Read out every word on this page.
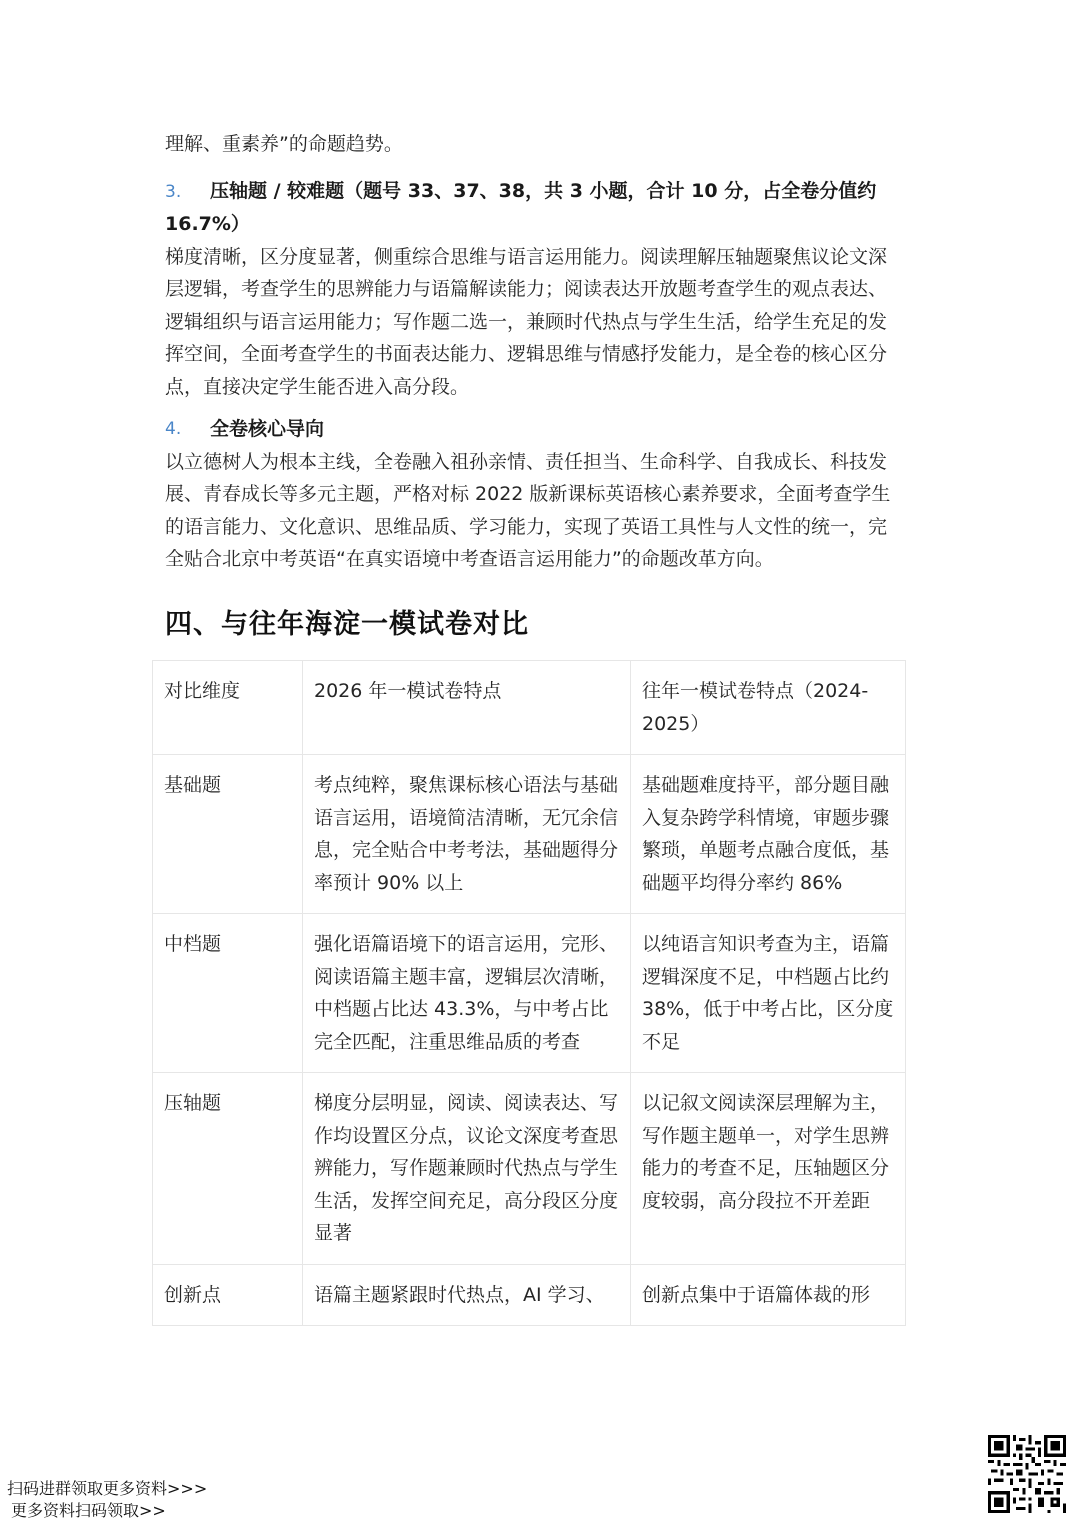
理解、重素养”的命题趋势。

3. 压轴题 / 较难题（题号 33、37、38，共 3 小题，合计 10 分，占全卷分值约 16.7%）

梯度清晰，区分度显著，侧重综合思维与语言运用能力。阅读理解压轴题聚焦议论文深层逻辑，考查学生的思辨能力与语篇解读能力；阅读表达开放题考查学生的观点表达、逻辑组织与语言运用能力；写作题二选一，兼顾时代热点与学生生活，给学生充足的发挥空间，全面考查学生的书面表达能力、逻辑思维与情感抒发能力，是全卷的核心区分点，直接决定学生能否进入高分段。

4.	全卷核心导向

以立德树人为根本主线，全卷融入祖孙亲情、责任担当、生命科学、自我成长、科技发展、青春成长等多元主题，严格对标 2022 版新课标英语核心素养要求，全面考查学生的语言能力、文化意识、思维品质、学习能力，实现了英语工具性与人文性的统一，完全贴合北京中考英语“在真实语境中考查语言运用能力”的命题改革方向。

四、与往年海淀一模试卷对比
对比维度	2026 年一模试卷特点	往年一模试卷特点（2024-2025）
基础题	考点纯粹，聚焦课标核心语法与基础语言运用，语境简洁清晰，无冗余信息，完全贴合中考考法，基础题得分率预计 90% 以上	基础题难度持平，部分题目融入复杂跨学科情境，审题步骤繁琐，单题考点融合度低，基础题平均得分率约 86%
中档题	强化语篇语境下的语言运用，完形、阅读语篇主题丰富，逻辑层次清晰，中档题占比达 43.3%，与中考占比完全匹配，注重思维品质的考查	以纯语言知识考查为主，语篇逻辑深度不足，中档题占比约 38%，低于中考占比，区分度不足
压轴题	梯度分层明显，阅读、阅读表达、写作均设置区分点，议论文深度考查思辨能力，写作题兼顾时代热点与学生生活，发挥空间充足，高分段区分度显著	以记叙文阅读深层理解为主，写作题主题单一，对学生思辨能力的考查不足，压轴题区分度较弱，高分段拉不开差距
创新点	语篇主题紧跟时代热点，AI 学习、	创新点集中于语篇体裁的形
扫码进群领取更多资料>>>
更多资料扫码领取>>
